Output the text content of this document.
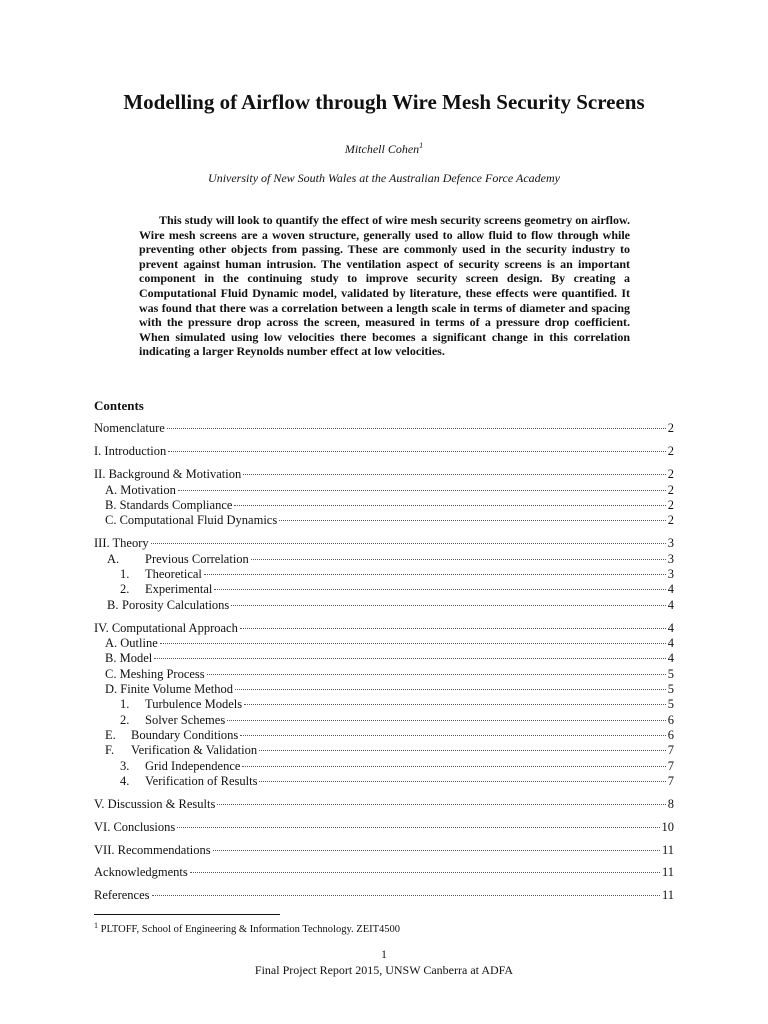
Modelling of Airflow through Wire Mesh Security Screens
Mitchell Cohen$^1$
University of New South Wales at the Australian Defence Force Academy

This study will look to quantify the effect of wire mesh security screens geometry on airflow. Wire mesh screens are a woven structure, generally used to allow fluid to flow through while preventing other objects from passing. These are commonly used in the security industry to prevent against human intrusion. The ventilation aspect of security screens is an important component in the continuing study to improve security screen design. By creating a Computational Fluid Dynamic model, validated by literature, these effects were quantified. It was found that there was a correlation between a length scale in terms of diameter and spacing with the pressure drop across the screen, measured in terms of a pressure drop coefficient. When simulated using low velocities there becomes a significant change in this correlation indicating a larger Reynolds number effect at low velocities.

Contents
Nomenclature	2
I. Introduction	2
II. Background & Motivation	2
A. Motivation	2
B. Standards Compliance	2
C. Computational Fluid Dynamics	2
III. Theory	3
A.	Previous Correlation	3
1.	Theoretical	3
2.	Experimental	4
B. Porosity Calculations	4
IV. Computational Approach	4
A. Outline	4
B. Model	4
C. Meshing Process	5
D. Finite Volume Method	5
1.	Turbulence Models	5
2.	Solver Schemes	6
E.	Boundary Conditions	6
F.	Verification & Validation	7
3.	Grid Independence	7
4.	Verification of Results	7
V. Discussion & Results	8
VI. Conclusions	10
VII. Recommendations	11
Acknowledgments	11
References	11
$^1$ PLTOFF, School of Engineering & Information Technology. ZEIT4500
1
Final Project Report 2015, UNSW Canberra at ADFA
